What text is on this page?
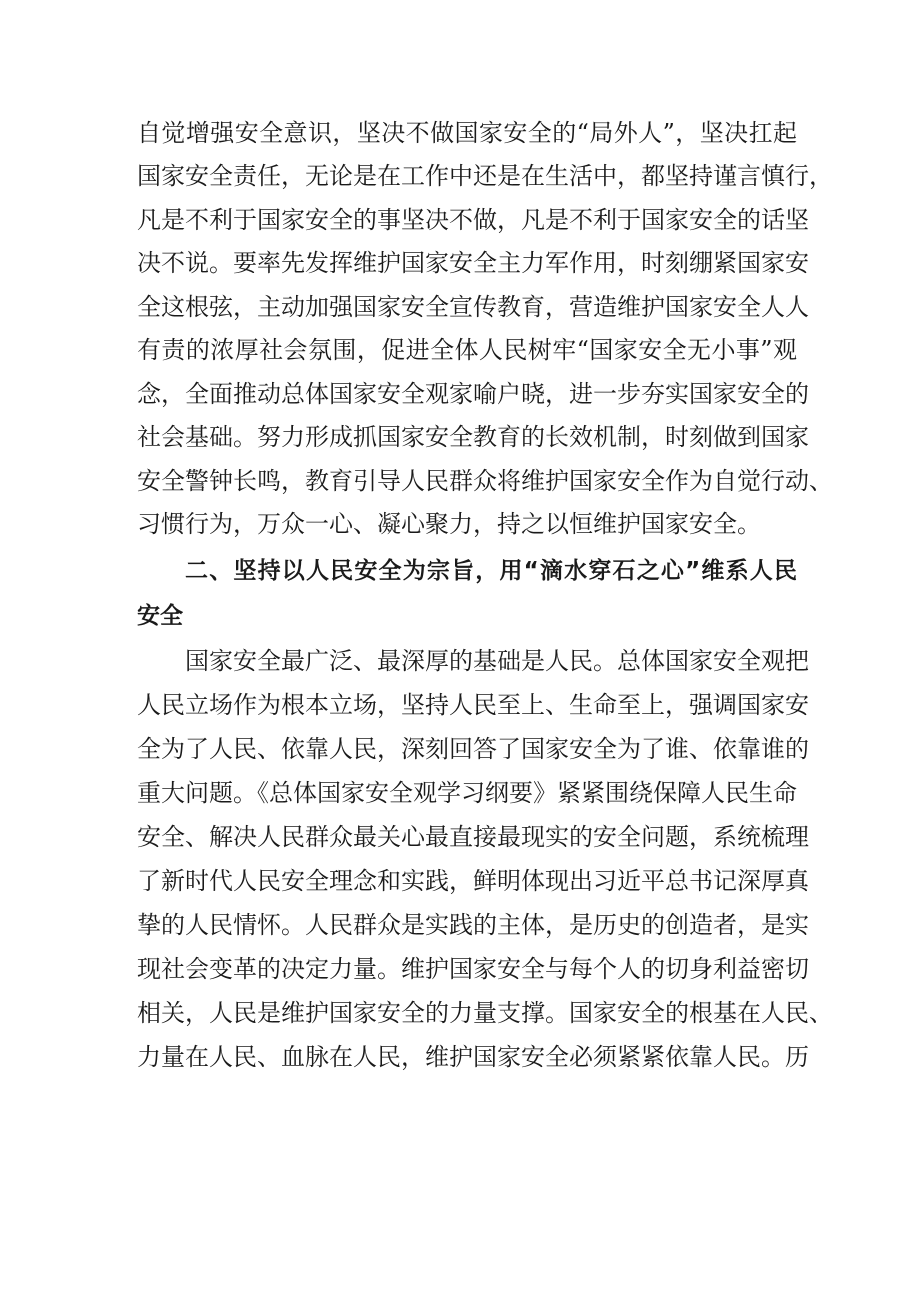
自觉增强安全意识，坚决不做国家安全的“局外人”，坚决扛起
国家安全责任，无论是在工作中还是在生活中，都坚持谨言慎行，
凡是不利于国家安全的事坚决不做，凡是不利于国家安全的话坚
决不说。要率先发挥维护国家安全主力军作用，时刻绷紧国家安
全这根弦，主动加强国家安全宣传教育，营造维护国家安全人人
有责的浓厚社会氛围，促进全体人民树牢“国家安全无小事”观
念，全面推动总体国家安全观家喻户晓，进一步夯实国家安全的
社会基础。努力形成抓国家安全教育的长效机制，时刻做到国家
安全警钟长鸣，教育引导人民群众将维护国家安全作为自觉行动、
习惯行为，万众一心、凝心聚力，持之以恒维护国家安全。
二、坚持以人民安全为宗旨，用“滴水穿石之心”维系人民
安全
国家安全最广泛、最深厚的基础是人民。总体国家安全观把
人民立场作为根本立场，坚持人民至上、生命至上，强调国家安
全为了人民、依靠人民，深刻回答了国家安全为了谁、依靠谁的
重大问题。《总体国家安全观学习纲要》紧紧围绕保障人民生命
安全、解决人民群众最关心最直接最现实的安全问题，系统梳理
了新时代人民安全理念和实践，鲜明体现出习近平总书记深厚真
挚的人民情怀。人民群众是实践的主体，是历史的创造者，是实
现社会变革的决定力量。维护国家安全与每个人的切身利益密切
相关，人民是维护国家安全的力量支撑。国家安全的根基在人民、
力量在人民、血脉在人民，维护国家安全必须紧紧依靠人民。历
